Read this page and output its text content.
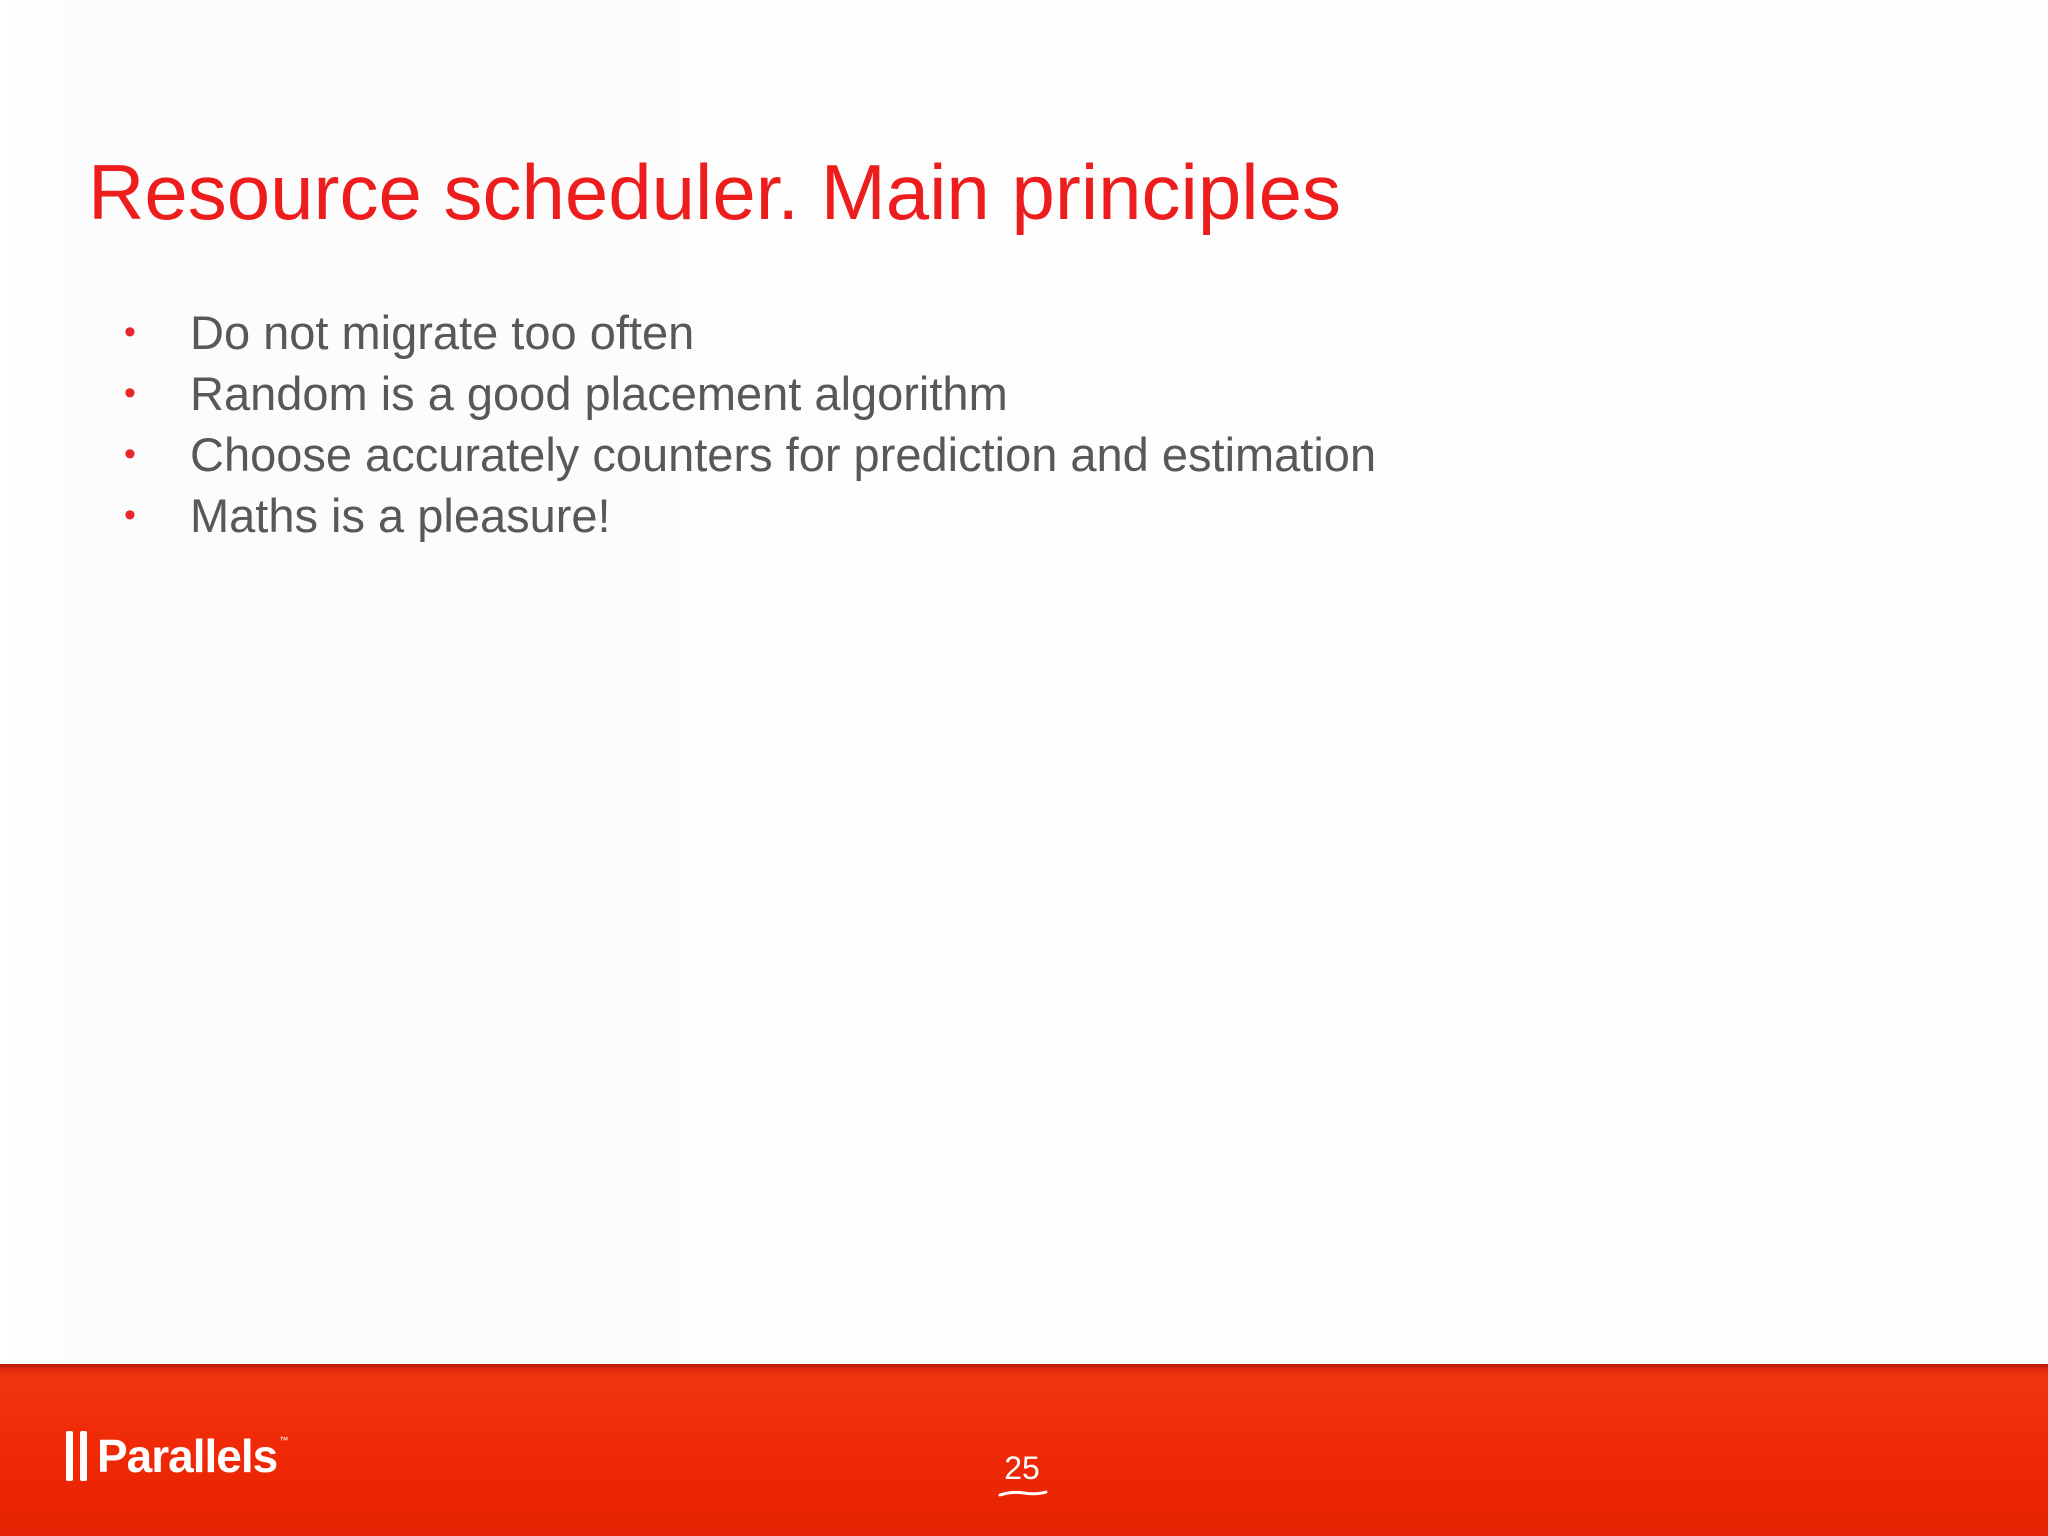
Resource scheduler. Main principles
• Do not migrate too often
• Random is a good placement algorithm
• Choose accurately counters for prediction and estimation
• Maths is a pleasure!
Parallels ™
25
